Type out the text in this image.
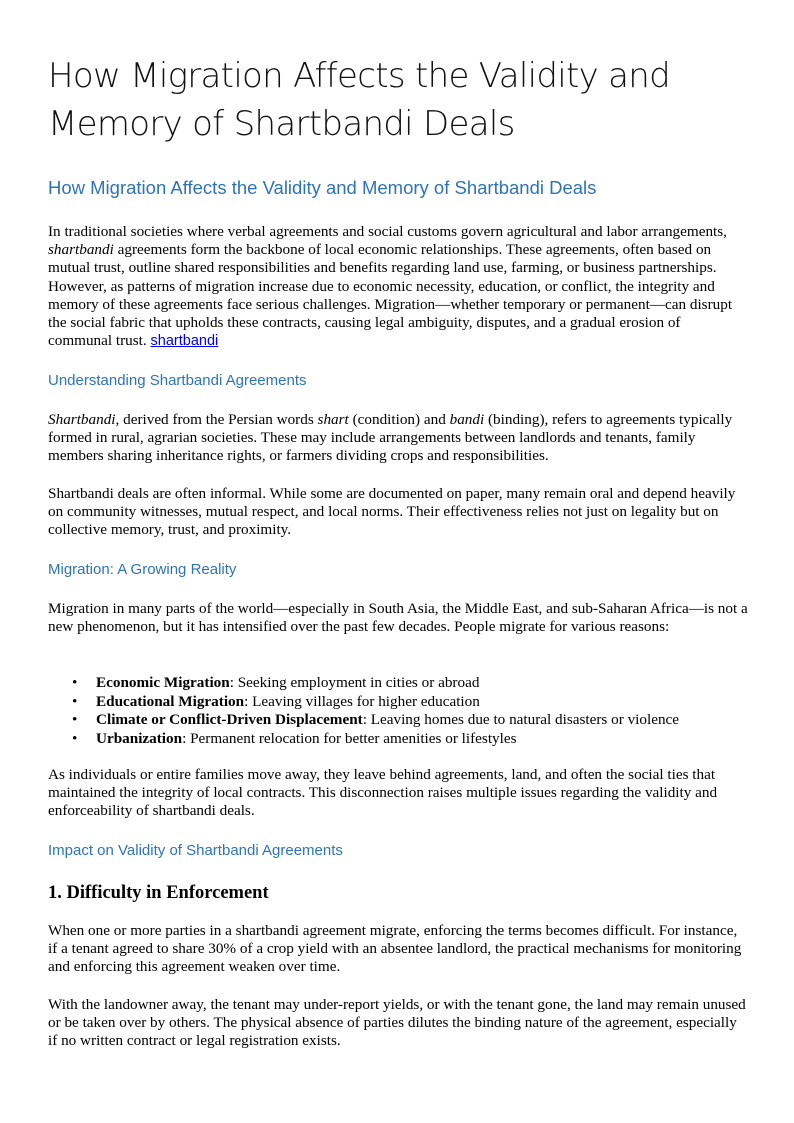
How Migration Affects the Validity and Memory of Shartbandi Deals
How Migration Affects the Validity and Memory of Shartbandi Deals

In traditional societies where verbal agreements and social customs govern agricultural and labor arrangements, shartbandi agreements form the backbone of local economic relationships. These agreements, often based on mutual trust, outline shared responsibilities and benefits regarding land use, farming, or business partnerships. However, as patterns of migration increase due to economic necessity, education, or conflict, the integrity and memory of these agreements face serious challenges. Migration—whether temporary or permanent—can disrupt the social fabric that upholds these contracts, causing legal ambiguity, disputes, and a gradual erosion of communal trust. shartbandi

Understanding Shartbandi Agreements

Shartbandi, derived from the Persian words shart (condition) and bandi (binding), refers to agreements typically formed in rural, agrarian societies. These may include arrangements between landlords and tenants, family members sharing inheritance rights, or farmers dividing crops and responsibilities.

Shartbandi deals are often informal. While some are documented on paper, many remain oral and depend heavily on community witnesses, mutual respect, and local norms. Their effectiveness relies not just on legality but on collective memory, trust, and proximity.

Migration: A Growing Reality

Migration in many parts of the world—especially in South Asia, the Middle East, and sub-Saharan Africa—is not a new phenomenon, but it has intensified over the past few decades. People migrate for various reasons:

• Economic Migration: Seeking employment in cities or abroad
• Educational Migration: Leaving villages for higher education
• Climate or Conflict-Driven Displacement: Leaving homes due to natural disasters or violence
• Urbanization: Permanent relocation for better amenities or lifestyles

As individuals or entire families move away, they leave behind agreements, land, and often the social ties that maintained the integrity of local contracts. This disconnection raises multiple issues regarding the validity and enforceability of shartbandi deals.

Impact on Validity of Shartbandi Agreements
1. Difficulty in Enforcement

When one or more parties in a shartbandi agreement migrate, enforcing the terms becomes difficult. For instance, if a tenant agreed to share 30% of a crop yield with an absentee landlord, the practical mechanisms for monitoring and enforcing this agreement weaken over time.

With the landowner away, the tenant may under-report yields, or with the tenant gone, the land may remain unused or be taken over by others. The physical absence of parties dilutes the binding nature of the agreement, especially if no written contract or legal registration exists.
